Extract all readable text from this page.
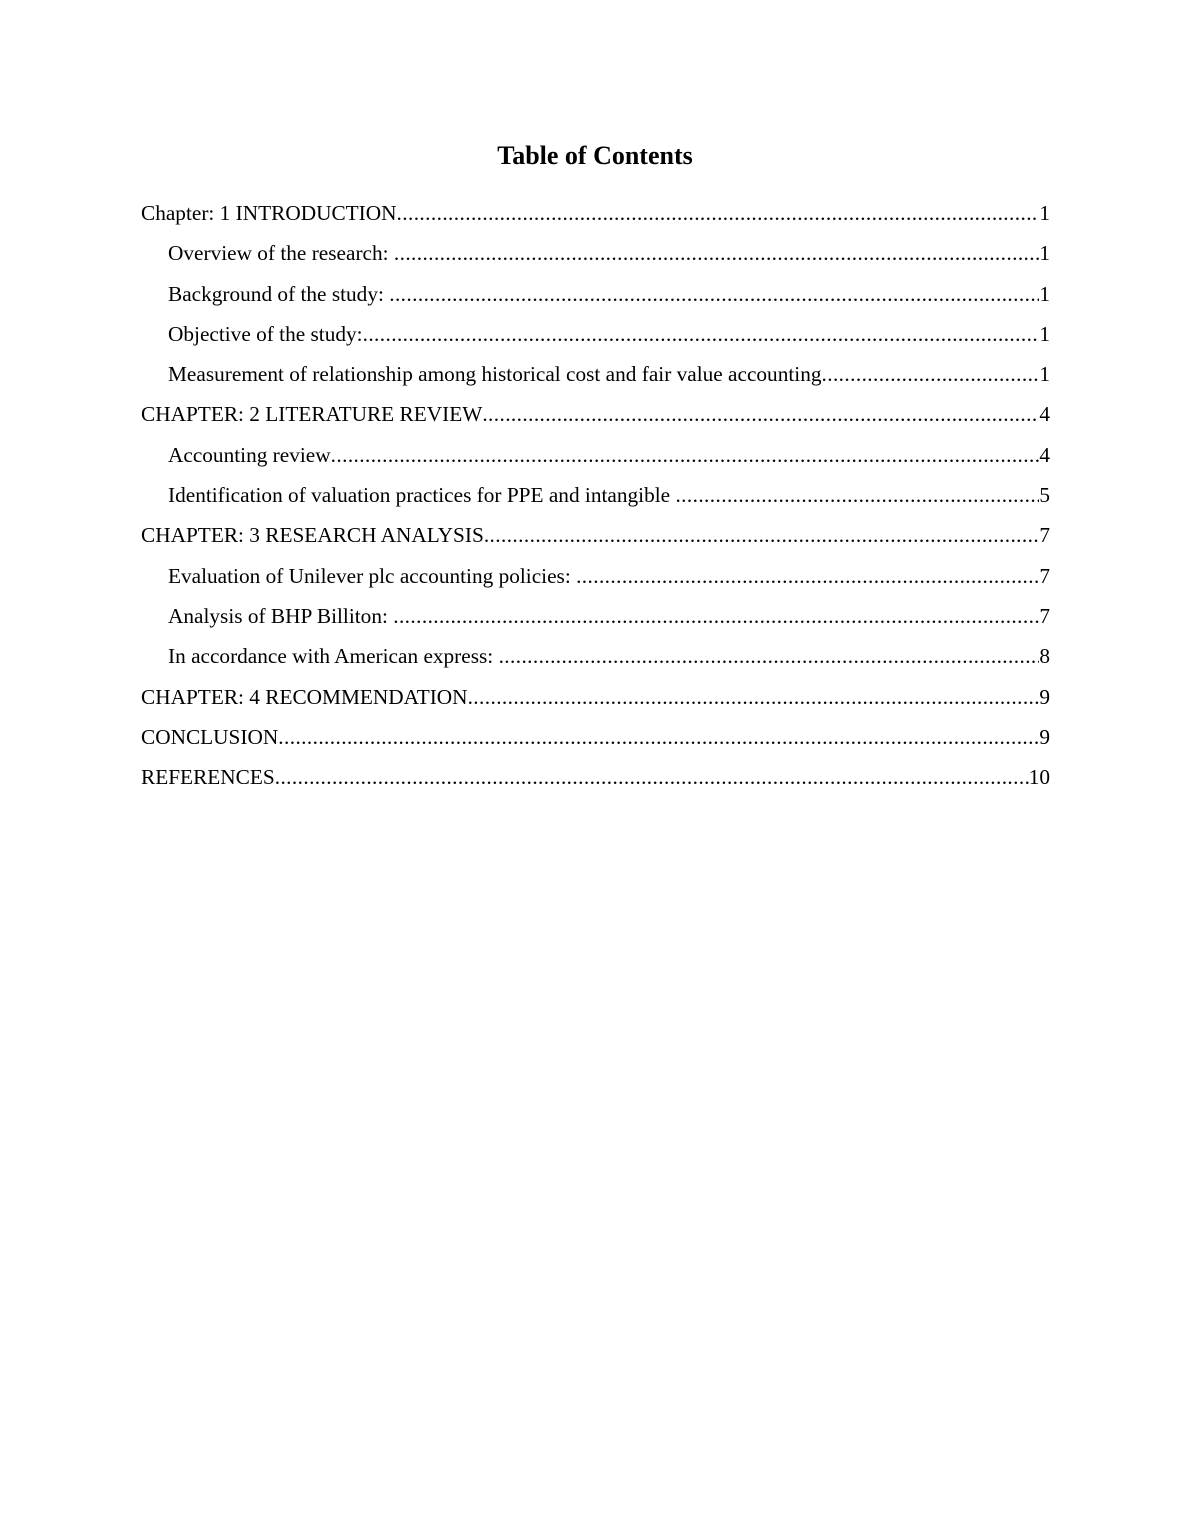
Table of Contents
Chapter: 1 INTRODUCTION .....	1
Overview of the research: .....	1
Background of the study: .....	1
Objective of the study: .....	1
Measurement of relationship among historical cost and fair value accounting .....	1
CHAPTER: 2 LITERATURE REVIEW .....	4
Accounting review .....	4
Identification of valuation practices for PPE and intangible .....	5
CHAPTER: 3 RESEARCH ANALYSIS .....	7
Evaluation of Unilever plc accounting policies: .....	7
Analysis of BHP Billiton: .....	7
In accordance with American express: .....	8
CHAPTER: 4 RECOMMENDATION .....	9
CONCLUSION .....	9
REFERENCES .....	10
